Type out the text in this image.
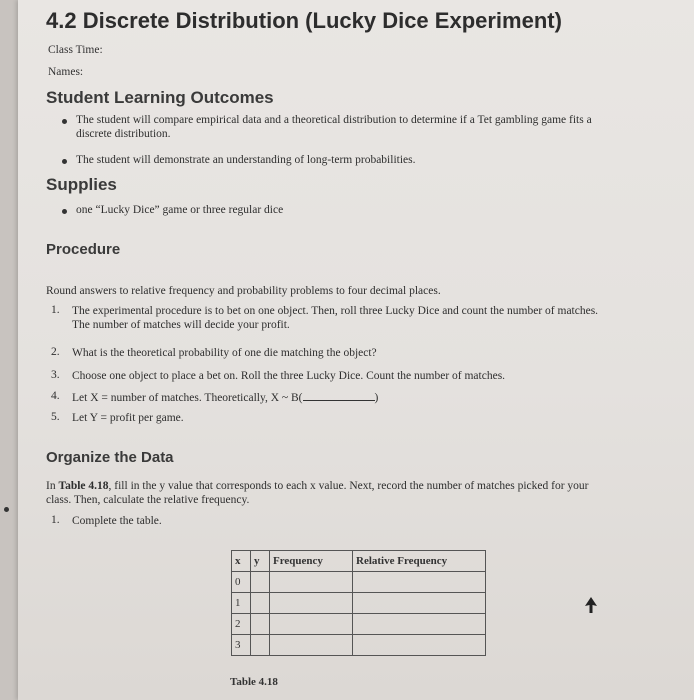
4.2 Discrete Distribution (Lucky Dice Experiment)
Class Time:
Names:
Student Learning Outcomes
The student will compare empirical data and a theoretical distribution to determine if a Tet gambling game fits a
discrete distribution.
The student will demonstrate an understanding of long-term probabilities.
Supplies
one “Lucky Dice” game or three regular dice
Procedure
Round answers to relative frequency and probability problems to four decimal places.
1. The experimental procedure is to bet on one object. Then, roll three Lucky Dice and count the number of matches.
The number of matches will decide your profit.
2. What is the theoretical probability of one die matching the object?
3. Choose one object to place a bet on. Roll the three Lucky Dice. Count the number of matches.
4. Let X = number of matches. Theoretically, X ~ B(	)
5. Let Y = profit per game.
Organize the Data
In Table 4.18, fill in the y value that corresponds to each x value. Next, record the number of matches picked for your
class. Then, calculate the relative frequency.
1. Complete the table.
x	y	Frequency	Relative Frequency
0			
1			
2			
3			
Table 4.18
